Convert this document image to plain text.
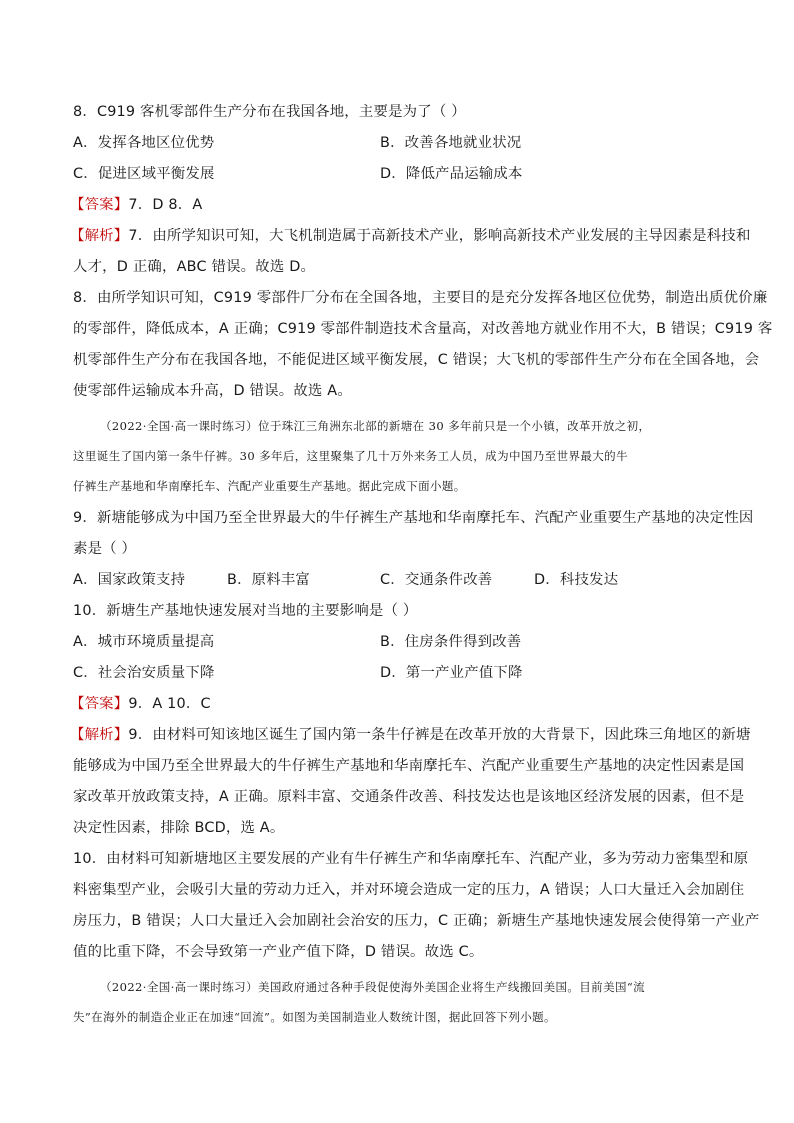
8．C919 客机零部件生产分布在我国各地，主要是为了（ ）
A．发挥各地区位优势	B．改善各地就业状况
C．促进区域平衡发展	D．降低产品运输成本
【答案】7．D 8．A
【解析】7．由所学知识可知，大飞机制造属于高新技术产业，影响高新技术产业发展的主导因素是科技和
人才，D 正确，ABC 错误。故选 D。
8．由所学知识可知，C919 零部件厂分布在全国各地，主要目的是充分发挥各地区位优势，制造出质优价廉
的零部件，降低成本，A 正确；C919 零部件制造技术含量高，对改善地方就业作用不大，B 错误；C919 客
机零部件生产分布在我国各地，不能促进区域平衡发展，C 错误；大飞机的零部件生产分布在全国各地，会
使零部件运输成本升高，D 错误。故选 A。
（2022·全国·高一课时练习）位于珠江三角洲东北部的新塘在 30 多年前只是一个小镇，改革开放之初，
这里诞生了国内第一条牛仔裤。30 多年后，这里聚集了几十万外来务工人员，成为中国乃至世界最大的牛
仔裤生产基地和华南摩托车、汽配产业重要生产基地。据此完成下面小题。
9．新塘能够成为中国乃至全世界最大的牛仔裤生产基地和华南摩托车、汽配产业重要生产基地的决定性因
素是（ ）
A．国家政策支持	B．原料丰富	C．交通条件改善	D．科技发达
10．新塘生产基地快速发展对当地的主要影响是（ ）
A．城市环境质量提高	B．住房条件得到改善
C．社会治安质量下降	D．第一产业产值下降
【答案】9．A 10．C
【解析】9．由材料可知该地区诞生了国内第一条牛仔裤是在改革开放的大背景下，因此珠三角地区的新塘
能够成为中国乃至全世界最大的牛仔裤生产基地和华南摩托车、汽配产业重要生产基地的决定性因素是国
家改革开放政策支持，A 正确。原料丰富、交通条件改善、科技发达也是该地区经济发展的因素，但不是
决定性因素，排除 BCD，选 A。
10．由材料可知新塘地区主要发展的产业有牛仔裤生产和华南摩托车、汽配产业，多为劳动力密集型和原
料密集型产业，会吸引大量的劳动力迁入，并对环境会造成一定的压力，A 错误；人口大量迁入会加剧住
房压力，B 错误；人口大量迁入会加剧社会治安的压力，C 正确；新塘生产基地快速发展会使得第一产业产
值的比重下降，不会导致第一产业产值下降，D 错误。故选 C。
（2022·全国·高一课时练习）美国政府通过各种手段促使海外美国企业将生产线搬回美国。目前美国“流
失”在海外的制造企业正在加速“回流”。如图为美国制造业人数统计图，据此回答下列小题。
